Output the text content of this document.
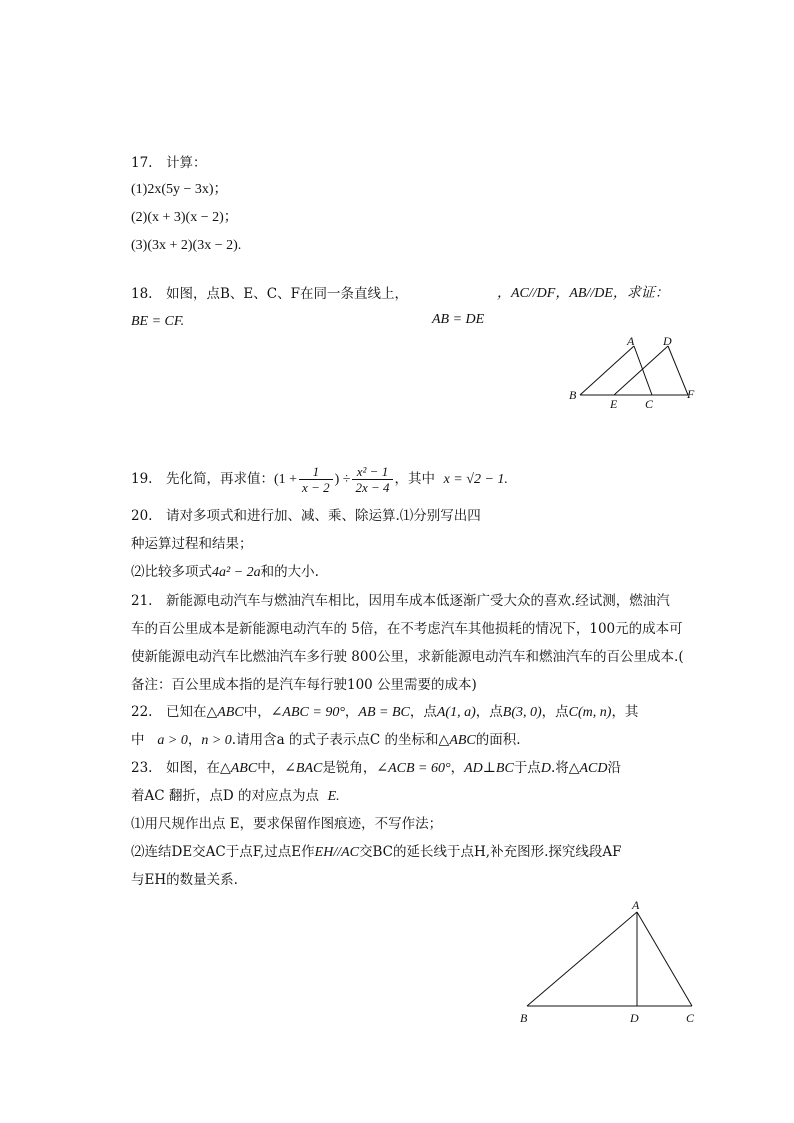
17.　计算：
(1)2x(5y − 3x)；
(2)(x + 3)(x − 2)；
(3)(3x + 2)(3x − 2).
18.　如图，点B、E、C、F在同一条直线上，	，AC//DF，AB//DE，求证：
BE = CF.	AB = DE
A D
B
E C
F
19.　先化简，再求值：($1 + \frac{1}{x - 2}$ ) ÷ $\frac{\text{x² − 1}}{2x - 4}$ ，其中 x = √2 − 1.
20.　请对多项式和进行加、减、乘、除运算.⑴分别写出四
种运算过程和结果；
⑵比较多项式4a² − 2a和的大小.
21.　新能源电动汽车与燃油汽车相比，因用车成本低逐渐广受大众的喜欢.经试测，燃油汽
车的百公里成本是新能源电动汽车的 5倍，在不考虑汽车其他损耗的情况下，100元的成本可
使新能源电动汽车比燃油汽车多行驶 800公里，求新能源电动汽车和燃油汽车的百公里成本.(
备注：百公里成本指的是汽车每行驶100 公里需要的成本)
22.　已知在△ABC中，∠ABC = 90°，AB = BC，点A(1, a)，点B(3, 0)，点C(m, n)，其
中 a > 0，n > 0.请用含a 的式子表示点C 的坐标和△ABC的面积.
23.　如图，在△ABC中，∠BAC是锐角，∠ACB = 60°，AD⊥BC于点D.将△ACD沿
着AC 翻折，点D 的对应点为点 E.
⑴用尺规作出点 E，要求保留作图痕迹，不写作法；
⑵连结DE交AC于点F,过点E作EH//AC交BC的延长线于点H,补充图形.探究线段AF
与EH的数量关系.
A
B	D	C
